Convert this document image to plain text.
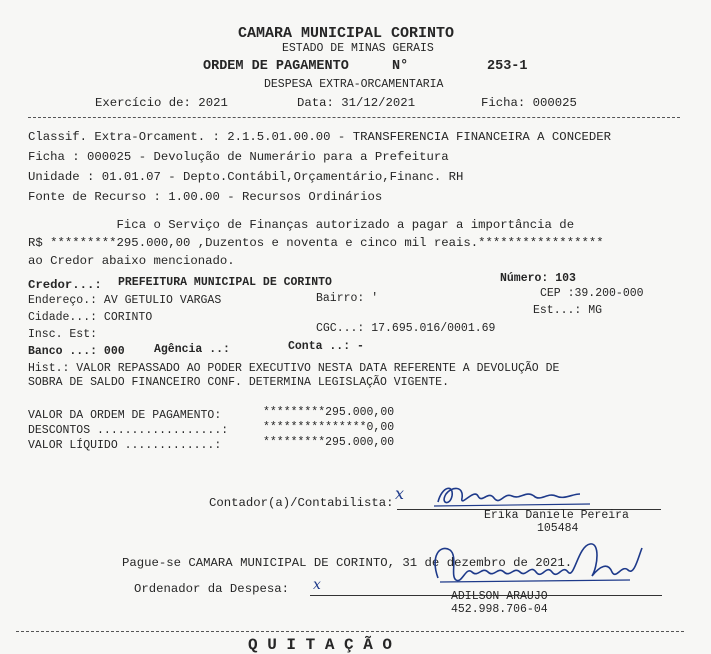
CAMARA MUNICIPAL CORINTO
ESTADO DE MINAS GERAIS
ORDEM DE PAGAMENTO	N°	253-1
DESPESA EXTRA-ORCAMENTARIA
Exercício de: 2021	Data: 31/12/2021	Ficha: 000025
Classif. Extra-Orcament. : 2.1.5.01.00.00 - TRANSFERENCIA FINANCEIRA A CONCEDER
Ficha : 000025 - Devolução de Numerário para a Prefeitura
Unidade : 01.01.07 - Depto.Contábil,Orçamentário,Financ. RH
Fonte de Recurso : 1.00.00 - Recursos Ordinários
Fica o Serviço de Finanças autorizado a pagar a importância de
R$ *********295.000,00 ,Duzentos e noventa e cinco mil reais.*****************
ao Credor abaixo mencionado.
Credor...: PREFEITURA MUNICIPAL DE CORINTO	Número: 103
Endereço.: AV GETULIO VARGAS	Bairro: '	CEP :39.200-000
Cidade...: CORINTO
Est...: MG
Insc. Est:	CGC...: 17.695.016/0001.69
Banco ...: 000	Agência ..:	Conta ..: -
Hist.: VALOR REPASSADO AO PODER EXECUTIVO NESTA DATA REFERENTE A DEVOLUÇÃO DE
SOBRA DE SALDO FINANCEIRO CONF. DETERMINA LEGISLAÇÃO VIGENTE.
VALOR DA ORDEM DE PAGAMENTO:	*********295.000,00
DESCONTOS ..................:	***************0,00
VALOR LÍQUIDO .............:	*********295.000,00
Contador(a)/Contabilista: x
Erika Daniele Pereira
105484
Pague-se CAMARA MUNICIPAL DE CORINTO, 31 de dezembro de 2021.
Ordenador da Despesa: x
ADILSON ARAUJO
452.998.706-04
Q U I T A Ç Ã O
